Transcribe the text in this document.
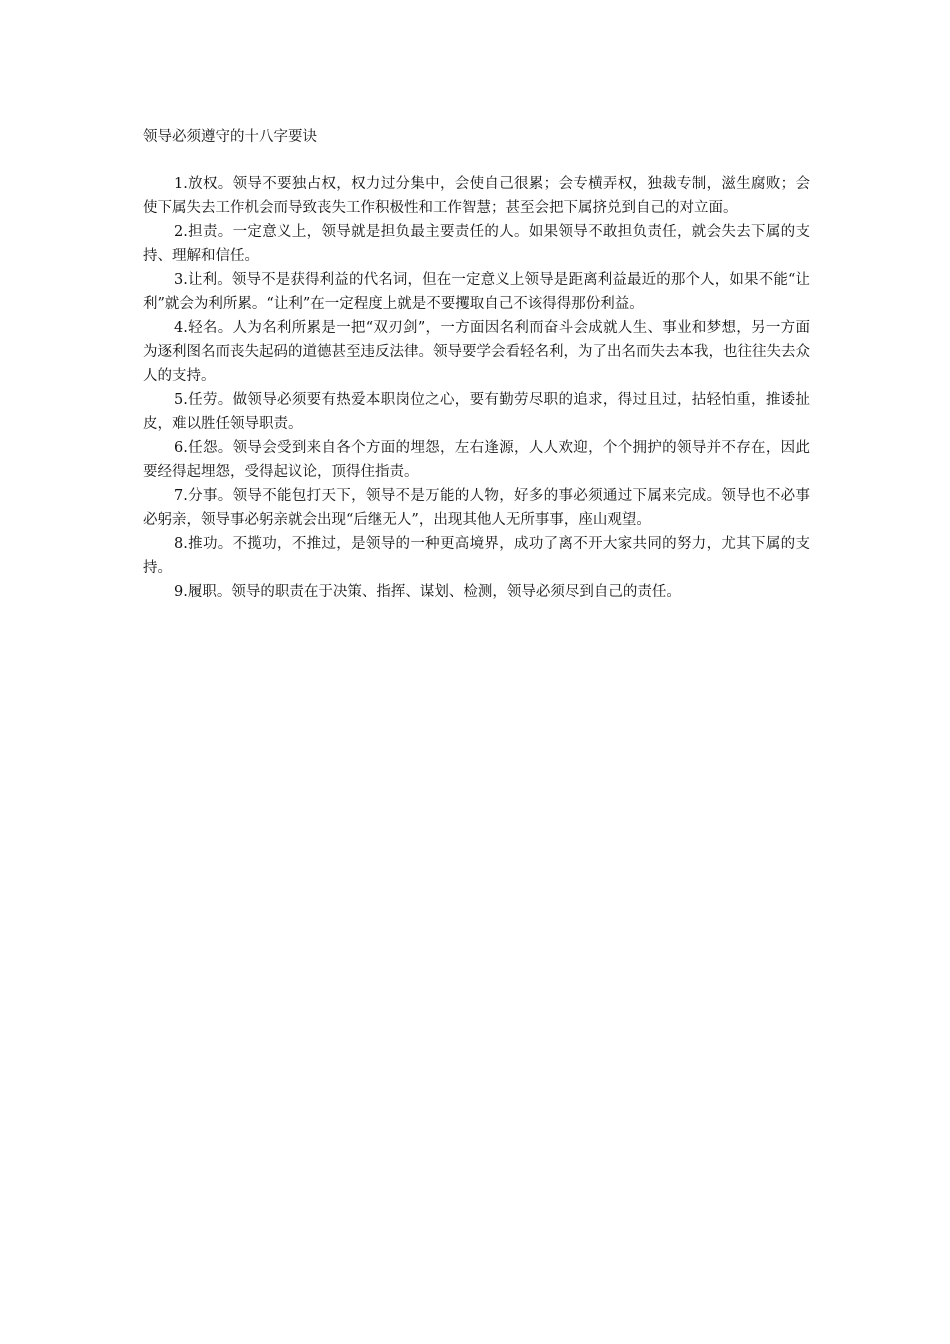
领导必须遵守的十八字要诀

1.放权。领导不要独占权，权力过分集中，会使自己很累；会专横弄权，独裁专制，滋生腐败；会使下属失去工作机会而导致丧失工作积极性和工作智慧；甚至会把下属挤兑到自己的对立面。

2.担责。一定意义上，领导就是担负最主要责任的人。如果领导不敢担负责任，就会失去下属的支持、理解和信任。

3.让利。领导不是获得利益的代名词，但在一定意义上领导是距离利益最近的那个人，如果不能“让利”就会为利所累。“让利”在一定程度上就是不要攫取自己不该得得那份利益。

4.轻名。人为名利所累是一把“双刃剑”，一方面因名利而奋斗会成就人生、事业和梦想，另一方面为逐利图名而丧失起码的道德甚至违反法律。领导要学会看轻名利，为了出名而失去本我，也往往失去众人的支持。

5.任劳。做领导必须要有热爱本职岗位之心，要有勤劳尽职的追求，得过且过，拈轻怕重，推诿扯皮，难以胜任领导职责。

6.任怨。领导会受到来自各个方面的埋怨，左右逢源，人人欢迎，个个拥护的领导并不存在，因此要经得起埋怨，受得起议论，顶得住指责。

7.分事。领导不能包打天下，领导不是万能的人物，好多的事必须通过下属来完成。领导也不必事必躬亲，领导事必躬亲就会出现“后继无人”，出现其他人无所事事，座山观望。

8.推功。不揽功，不推过，是领导的一种更高境界，成功了离不开大家共同的努力，尤其下属的支持。

9.履职。领导的职责在于决策、指挥、谋划、检测，领导必须尽到自己的责任。
